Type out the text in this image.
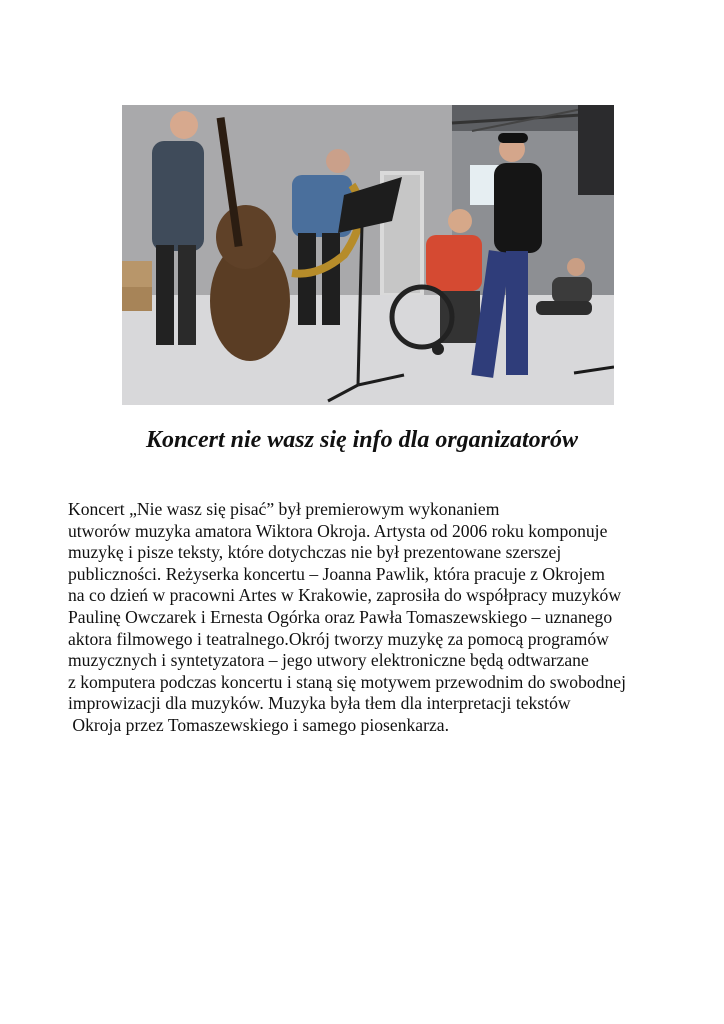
Koncert nie wasz się info dla organizatorów

Koncert „Nie wasz się pisać” był premierowym wykonaniem
utworów muzyka amatora Wiktora Okroja. Artysta od 2006 roku komponuje
muzykę i pisze teksty, które dotychczas nie był prezentowane szerszej
publiczności. Reżyserka koncertu – Joanna Pawlik, która pracuje z Okrojem
na co dzień w pracowni Artes w Krakowie, zaprosiła do współpracy muzyków
Paulinę Owczarek i Ernesta Ogórka oraz Pawła Tomaszewskiego – uznanego
aktora filmowego i teatralnego.Okrój tworzy muzykę za pomocą programów
muzycznych i syntetyzatora – jego utwory elektroniczne będą odtwarzane
z komputera podczas koncertu i staną się motywem przewodnim do swobodnej
improwizacji dla muzyków. Muzyka była tłem dla interpretacji tekstów
Okroja przez Tomaszewskiego i samego piosenkarza.
